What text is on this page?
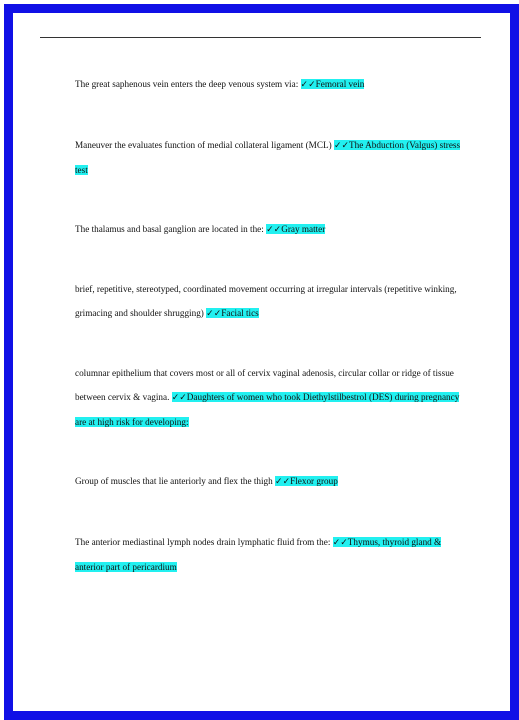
The great saphenous vein enters the deep venous system via: ✓✓Femoral vein
Maneuver the evaluates function of medial collateral ligament (MCL) ✓✓The Abduction (Valgus) stress test
The thalamus and basal ganglion are located in the: ✓✓Gray matter
brief, repetitive, stereotyped, coordinated movement occurring at irregular intervals (repetitive winking, grimacing and shoulder shrugging) ✓✓Facial tics
columnar epithelium that covers most or all of cervix vaginal adenosis, circular collar or ridge of tissue between cervix & vagina. ✓✓Daughters of women who took Diethylstilbestrol (DES) during pregnancy are at high risk for developing:
Group of muscles that lie anteriorly and flex the thigh ✓✓Flexor group
The anterior mediastinal lymph nodes drain lymphatic fluid from the: ✓✓Thymus, thyroid gland & anterior part of pericardium
